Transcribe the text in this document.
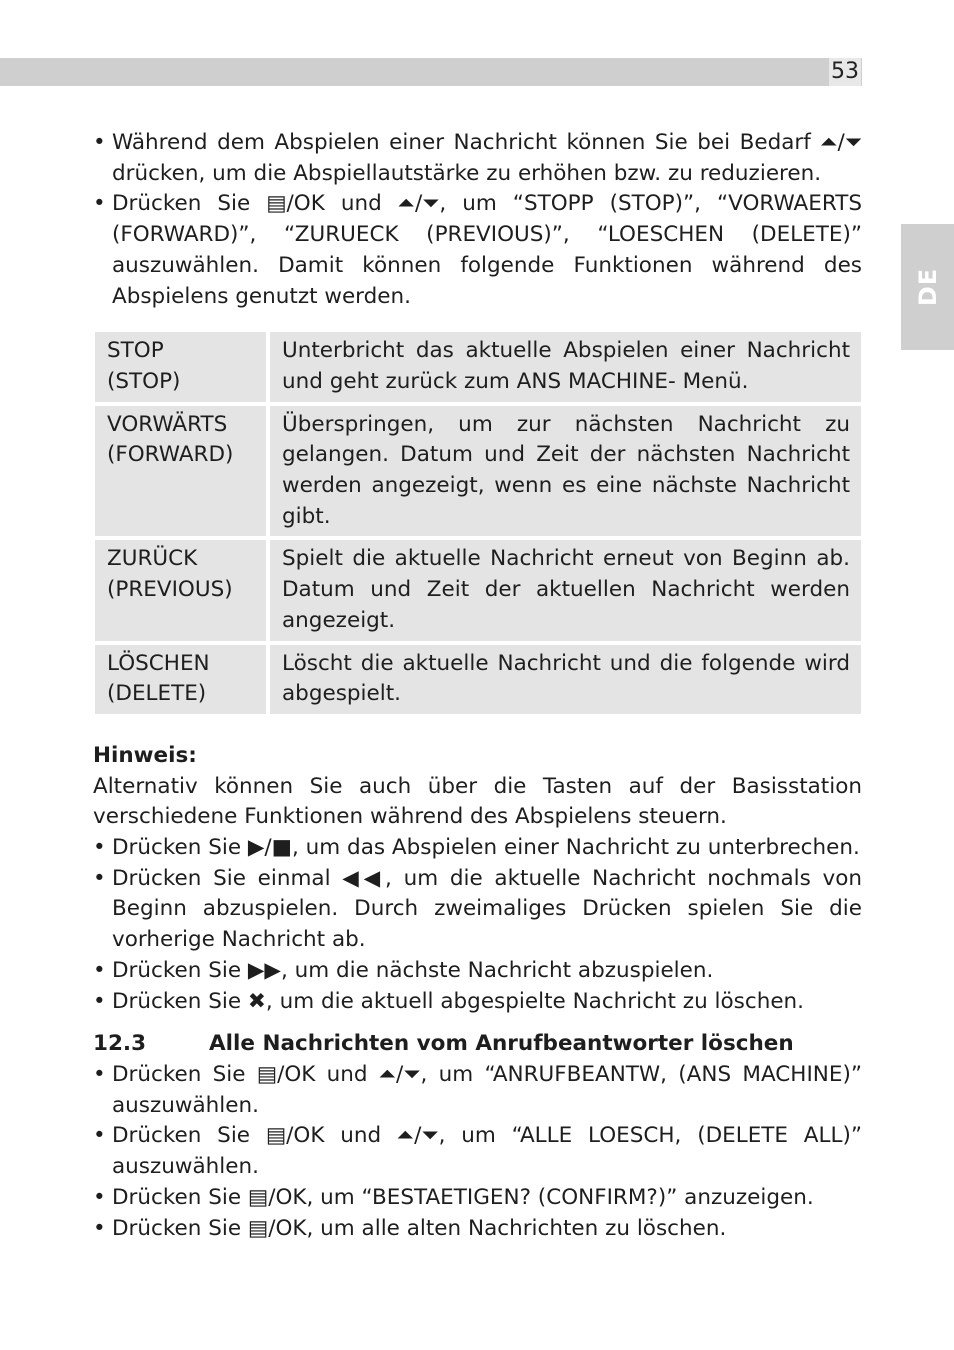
53
DE
• Während dem Abspielen einer Nachricht können Sie bei Bedarf ⏶/⏷ drücken, um die Abspiellautstärke zu erhöhen bzw. zu reduzieren.
• Drücken Sie ▤/OK und ⏶/⏷, um “STOPP (STOP)”, “VORWAERTS (FORWARD)”, “ZURUECK (PREVIOUS)”, “LOESCHEN (DELETE)” auszuwählen. Damit können folgende Funktionen während des Abspielens genutzt werden.
STOP
(STOP)	Unterbricht das aktuelle Abspielen einer Nachricht und geht zurück zum ANS MACHINE- Menü.
VORWÄRTS
(FORWARD)	Überspringen, um zur nächsten Nachricht zu gelangen. Datum und Zeit der nächsten Nachricht werden angezeigt, wenn es eine nächste Nachricht gibt.
ZURÜCK
(PREVIOUS)	Spielt die aktuelle Nachricht erneut von Beginn ab. Datum und Zeit der aktuellen Nachricht werden angezeigt.
LÖSCHEN
(DELETE)	Löscht die aktuelle Nachricht und die folgende wird abgespielt.
Hinweis:
Alternativ können Sie auch über die Tasten auf der Basisstation verschiedene Funktionen während des Abspielens steuern.
• Drücken Sie ▶/■, um das Abspielen einer Nachricht zu unterbrechen.
• Drücken Sie einmal ◀◀, um die aktuelle Nachricht nochmals von Beginn abzuspielen. Durch zweimaliges Drücken spielen Sie die vorherige Nachricht ab.
• Drücken Sie ▶▶, um die nächste Nachricht abzuspielen.
• Drücken Sie ✖, um die aktuell abgespielte Nachricht zu löschen.
12.3	Alle Nachrichten vom Anrufbeantworter löschen
• Drücken Sie ▤/OK und ⏶/⏷, um “ANRUFBEANTW, (ANS MACHINE)” auszuwählen.
• Drücken Sie ▤/OK und ⏶/⏷, um “ALLE LOESCH, (DELETE ALL)” auszuwählen.
• Drücken Sie ▤/OK, um “BESTAETIGEN? (CONFIRM?)” anzuzeigen.
• Drücken Sie ▤/OK, um alle alten Nachrichten zu löschen.
